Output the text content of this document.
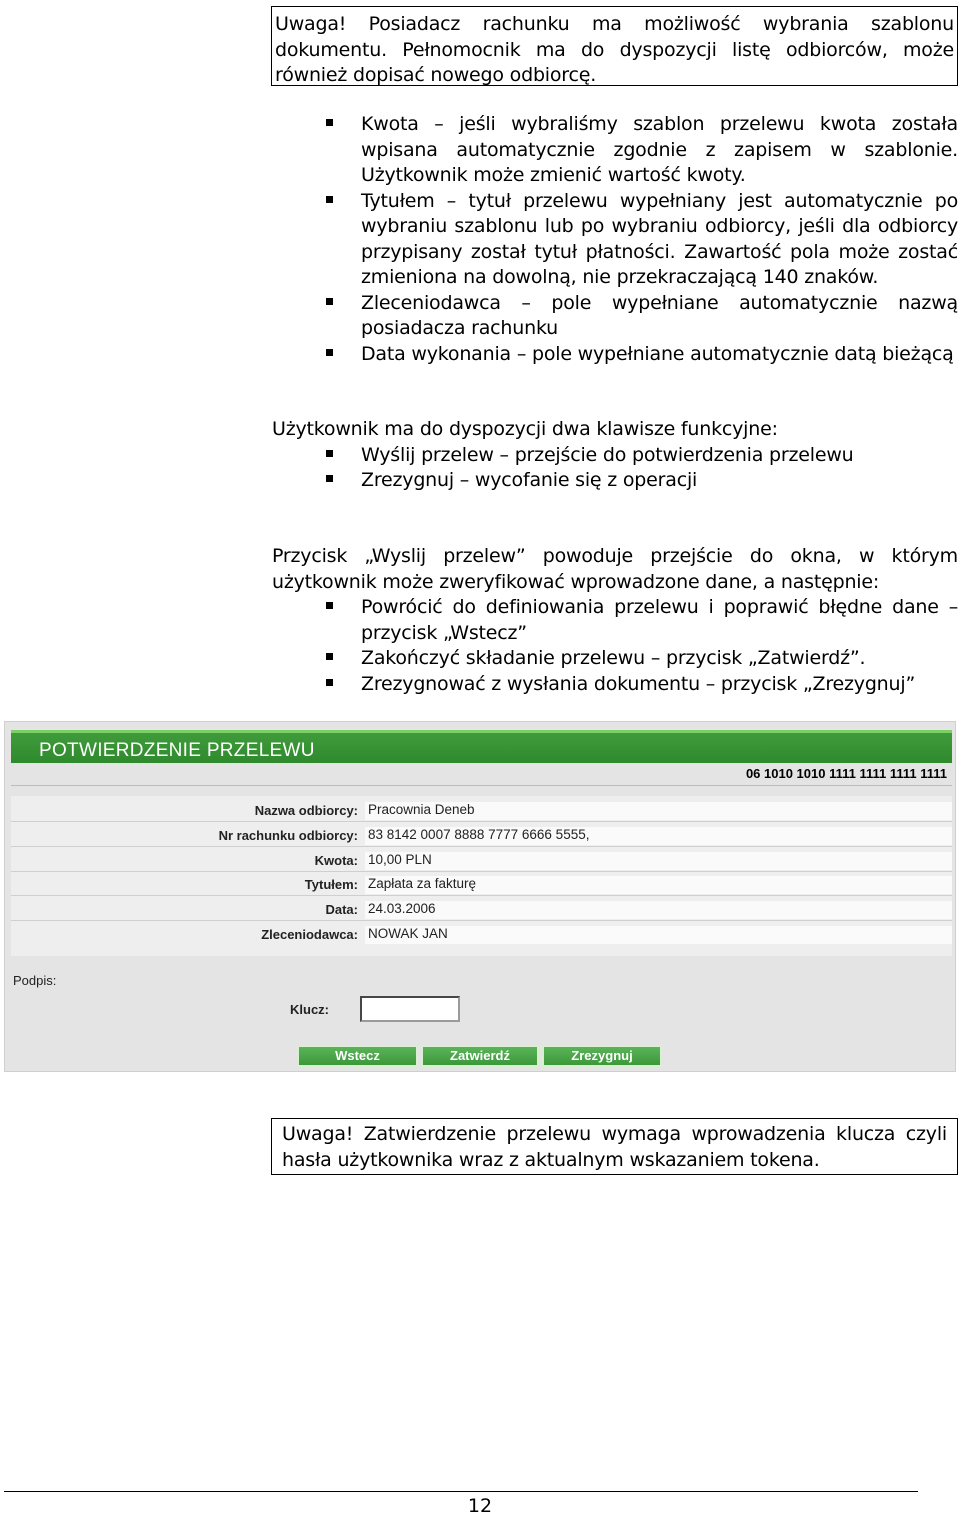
Uwaga! Posiadacz rachunku ma możliwość wybrania szablonu dokumentu. Pełnomocnik ma do dyspozycji listę odbiorców, może również dopisać nowego odbiorcę.
Kwota – jeśli wybraliśmy szablon przelewu kwota została wpisana automatycznie zgodnie z zapisem w szablonie. Użytkownik może zmienić wartość kwoty.
Tytułem – tytuł przelewu wypełniany jest automatycznie po wybraniu szablonu lub po wybraniu odbiorcy, jeśli dla odbiorcy przypisany został tytuł płatności. Zawartość pola może zostać zmieniona na dowolną, nie przekraczającą 140 znaków.
Zleceniodawca – pole wypełniane automatycznie nazwą posiadacza rachunku
Data wykonania – pole wypełniane automatycznie datą bieżącą

Użytkownik ma do dyspozycji dwa klawisze funkcyjne:

Wyślij przelew – przejście do potwierdzenia przelewu
Zrezygnuj – wycofanie się z operacji

Przycisk „Wyslij przelew” powoduje przejście do okna, w którym użytkownik może zweryfikować wprowadzone dane, a następnie:

Powrócić do definiowania przelewu i poprawić błędne dane – przycisk „Wstecz”
Zakończyć składanie przelewu – przycisk „Zatwierdź”.
Zrezygnować z wysłania dokumentu – przycisk „Zrezygnuj”
POTWIERDZENIE PRZELEWU
06 1010 1010 1111 1111 1111 1111
Nazwa odbiorcy: Pracownia Deneb
Nr rachunku odbiorcy: 83 8142 0007 8888 7777 6666 5555,
Kwota: 10,00 PLN
Tytułem: Zapłata za fakturę
Data: 24.03.2006
Zleceniodawca: NOWAK JAN
Podpis:
Klucz:
Wstecz	Zatwierdź	Zrezygnuj
Uwaga! Zatwierdzenie przelewu wymaga wprowadzenia klucza czyli hasła użytkownika wraz z aktualnym wskazaniem tokena.
12
